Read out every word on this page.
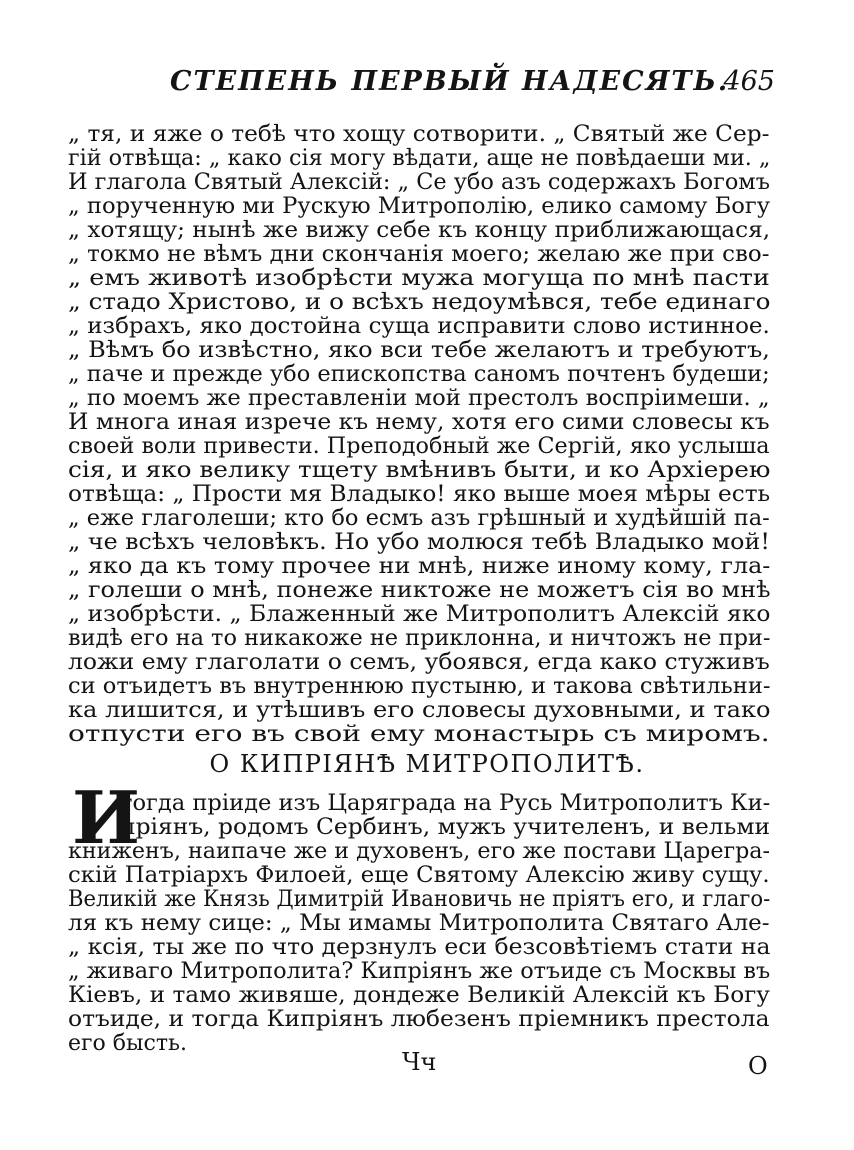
СТЕПЕНЬ ПЕРВЫЙ НАДЕСЯТЬ.
465
„ тя, и яже о тебѣ что хощу сотворити. „ Святый же Сер-
гій отвѣща: „ како сія могу вѣдати, аще не повѣдаеши ми. „
И глагола Святый Алексій: „ Се убо азъ содержахъ Богомъ
„ порученную ми Рускую Митрополію, елико самому Богу
„ хотящу; нынѣ же вижу себе къ концу приближающася,
„ токмо не вѣмъ дни скончанія моего; желаю же при сво-
„ емъ животѣ изобрѣсти мужа могуща по мнѣ пасти
„ стадо Христово, и о всѣхъ недоумѣвся, тебе единаго
„ избрахъ, яко достойна суща исправити слово истинное.
„ Вѣмъ бо извѣстно, яко вси тебе желаютъ и требуютъ,
„ паче и прежде убо епископства саномъ почтенъ будеши;
„ по моемъ же преставленіи мой престолъ воспріимеши. „
И многа иная изрече къ нему, хотя его сими словесы къ
своей воли привести. Преподобный же Сергій, яко услыша
сія, и яко велику тщету вмѣнивъ быти, и ко Архіерею
отвѣща: „ Прости мя Владыко! яко выше моея мѣры есть
„ еже глаголеши; кто бо есмъ азъ грѣшный и худѣйшій па-
„ че всѣхъ человѣкъ. Но убо молюся тебѣ Владыко мой!
„ яко да къ тому прочее ни мнѣ, ниже иному кому, гла-
„ голеши о мнѣ, понеже никтоже не можетъ сія во мнѣ
„ изобрѣсти. „ Блаженный же Митрополитъ Алексій яко
видѣ его на то никакоже не приклонна, и ничтожъ не при-
ложи ему глаголати о семъ, убоявся, егда како стуживъ
си отъидетъ въ внутреннюю пустыню, и такова свѣтильни-
ка лишится, и утѣшивъ его словесы духовными, и тако
отпусти его въ свой ему монастырь съ миромъ.
О КИПРІЯНѢ МИТРОПОЛИТѢ.
И
тогда пріиде изъ Царяграда на Русь Митрополитъ Ки-
пріянъ, родомъ Сербинъ, мужъ учителенъ, и вельми
книженъ, наипаче же и духовенъ, его же постави Царегра-
скій Патріархъ Филоей, еще Святому Алексію живу сущу.
Великій же Князь Димитрій Ивановичь не пріятъ его, и глаго-
ля къ нему сице: „ Мы имамы Митрополита Святаго Але-
„ ксія, ты же по что дерзнулъ еси безсовѣтіемъ стати на
„ живаго Митрополита? Кипріянъ же отъиде съ Москвы въ
Кіевъ, и тамо живяше, дондеже Великій Алексій къ Богу
отъиде, и тогда Кипріянъ любезенъ пріемникъ престола
его бысть.
Чч	О
